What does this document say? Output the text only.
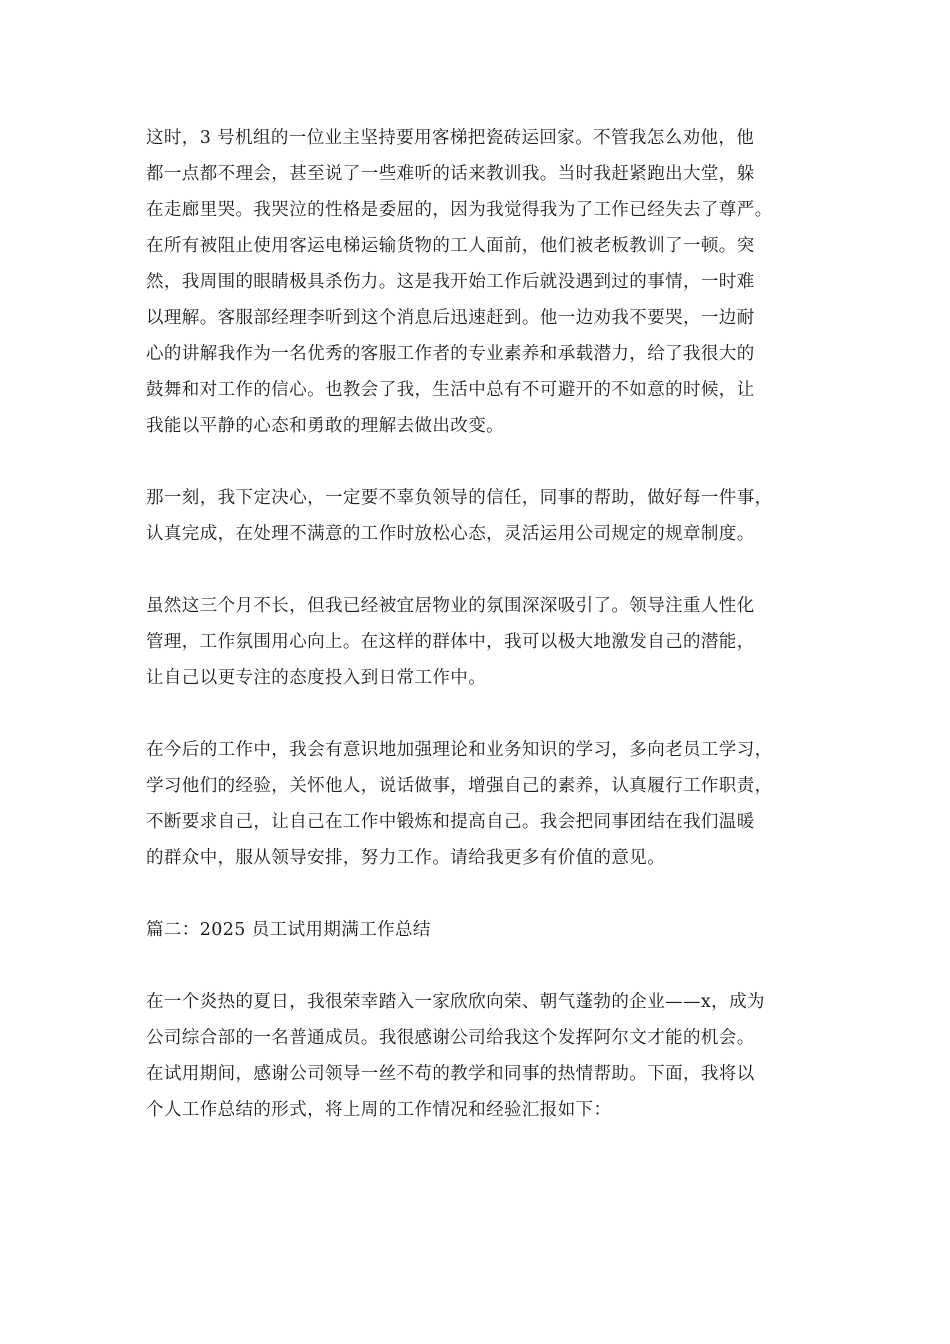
这时，3 号机组的一位业主坚持要用客梯把瓷砖运回家。不管我怎么劝他，他
都一点都不理会，甚至说了一些难听的话来教训我。当时我赶紧跑出大堂，躲
在走廊里哭。我哭泣的性格是委屈的，因为我觉得我为了工作已经失去了尊严。
在所有被阻止使用客运电梯运输货物的工人面前，他们被老板教训了一顿。突
然，我周围的眼睛极具杀伤力。这是我开始工作后就没遇到过的事情，一时难
以理解。客服部经理李听到这个消息后迅速赶到。他一边劝我不要哭，一边耐
心的讲解我作为一名优秀的客服工作者的专业素养和承载潜力，给了我很大的
鼓舞和对工作的信心。也教会了我，生活中总有不可避开的不如意的时候，让
我能以平静的心态和勇敢的理解去做出改变。
那一刻，我下定决心，一定要不辜负领导的信任，同事的帮助，做好每一件事，
认真完成，在处理不满意的工作时放松心态，灵活运用公司规定的规章制度。
虽然这三个月不长，但我已经被宜居物业的氛围深深吸引了。领导注重人性化
管理，工作氛围用心向上。在这样的群体中，我可以极大地激发自己的潜能，
让自己以更专注的态度投入到日常工作中。
在今后的工作中，我会有意识地加强理论和业务知识的学习，多向老员工学习，
学习他们的经验，关怀他人，说话做事，增强自己的素养，认真履行工作职责，
不断要求自己，让自己在工作中锻炼和提高自己。我会把同事团结在我们温暖
的群众中，服从领导安排，努力工作。请给我更多有价值的意见。
篇二：2025 员工试用期满工作总结
在一个炎热的夏日，我很荣幸踏入一家欣欣向荣、朝气蓬勃的企业——x，成为
公司综合部的一名普通成员。我很感谢公司给我这个发挥阿尔文才能的机会。
在试用期间，感谢公司领导一丝不苟的教学和同事的热情帮助。下面，我将以
个人工作总结的形式，将上周的工作情况和经验汇报如下：
